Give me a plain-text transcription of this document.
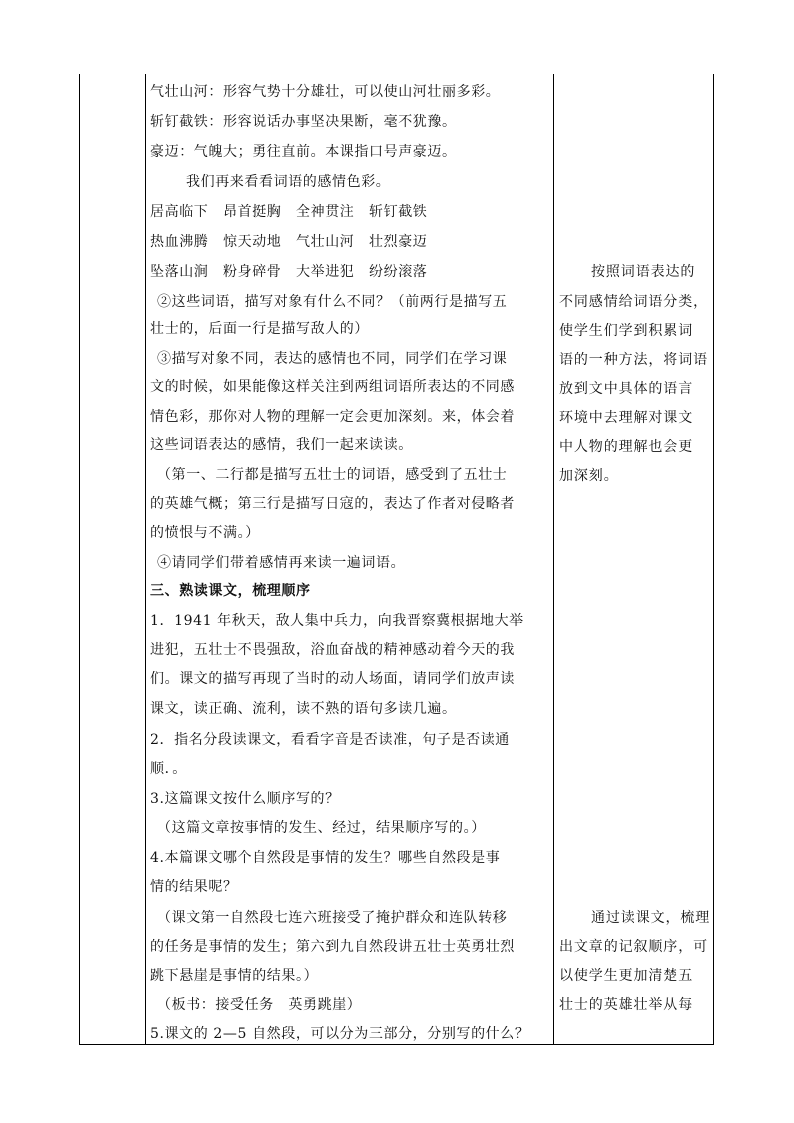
气壮山河：形容气势十分雄壮，可以使山河壮丽多彩。
斩钉截铁：形容说话办事坚决果断，毫不犹豫。
豪迈：气魄大；勇往直前。本课指口号声豪迈。
我们再来看看词语的感情色彩。
居高临下　昂首挺胸　全神贯注　斩钉截铁
热血沸腾　惊天动地　气壮山河　壮烈豪迈
坠落山涧　粉身碎骨　大举进犯　纷纷滚落
②这些词语，描写对象有什么不同？（前两行是描写五
壮士的，后面一行是描写敌人的）
③描写对象不同，表达的感情也不同，同学们在学习课
文的时候，如果能像这样关注到两组词语所表达的不同感
情色彩，那你对人物的理解一定会更加深刻。来，体会着
这些词语表达的感情，我们一起来读读。
（第一、二行都是描写五壮士的词语，感受到了五壮士
的英雄气概；第三行是描写日寇的，表达了作者对侵略者
的愤恨与不满。）
④请同学们带着感情再来读一遍词语。
三、熟读课文，梳理顺序
1．1941 年秋天，敌人集中兵力，向我晋察冀根据地大举
进犯，五壮士不畏强敌，浴血奋战的精神感动着今天的我
们。课文的描写再现了当时的动人场面，请同学们放声读
课文，读正确、流利，读不熟的语句多读几遍。
2．指名分段读课文，看看字音是否读准，句子是否读通
顺．。
3.这篇课文按什么顺序写的？
（这篇文章按事情的发生、经过，结果顺序写的。）
4.本篇课文哪个自然段是事情的发生？哪些自然段是事
情的结果呢？
（课文第一自然段七连六班接受了掩护群众和连队转移
的任务是事情的发生；第六到九自然段讲五壮士英勇壮烈
跳下悬崖是事情的结果。）
（板书：接受任务　英勇跳崖）
5.课文的 2—5 自然段，可以分为三部分，分别写的什么？
按照词语表达的
不同感情给词语分类，
使学生们学到积累词
语的一种方法，将词语
放到文中具体的语言
环境中去理解对课文
中人物的理解也会更
加深刻。
通过读课文，梳理
出文章的记叙顺序，可
以使学生更加清楚五
壮士的英雄壮举从每
